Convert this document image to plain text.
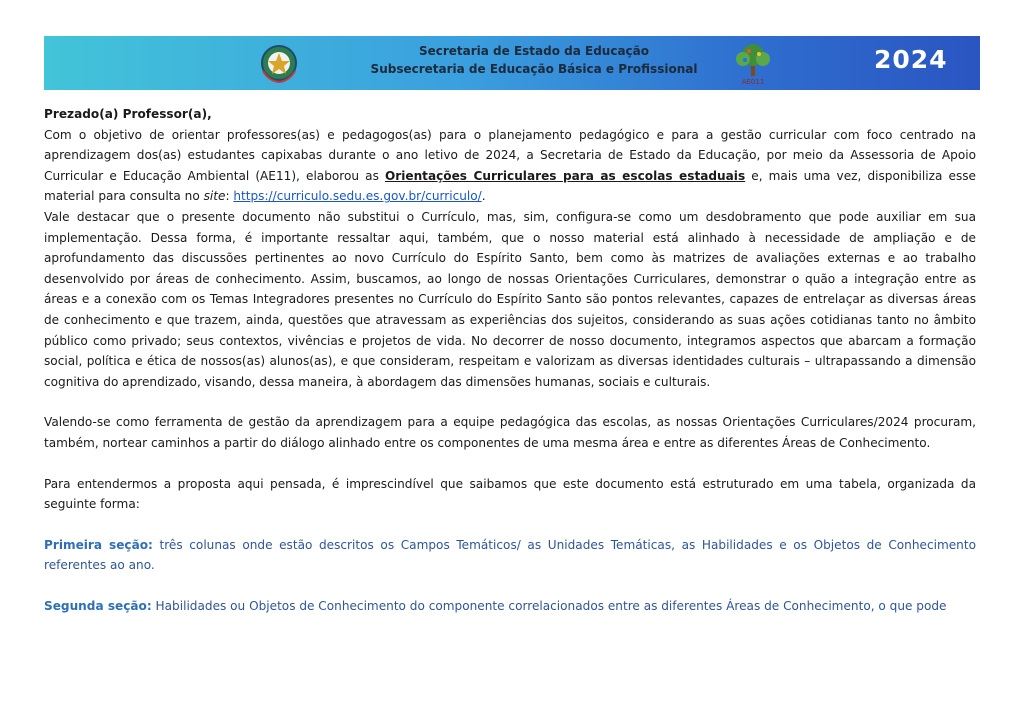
Secretaria de Estado da Educação
Subsecretaria de Educação Básica e Profissional
AE011
2024

Prezado(a) Professor(a),

Com o objetivo de orientar professores(as) e pedagogos(as) para o planejamento pedagógico e para a gestão curricular com foco centrado na aprendizagem dos(as) estudantes capixabas durante o ano letivo de 2024, a Secretaria de Estado da Educação, por meio da Assessoria de Apoio Curricular e Educação Ambiental (AE11), elaborou as Orientações Curriculares para as escolas estaduais e, mais uma vez, disponibiliza esse material para consulta no site: https://curriculo.sedu.es.gov.br/curriculo/.

Vale destacar que o presente documento não substitui o Currículo, mas, sim, configura-se como um desdobramento que pode auxiliar em sua implementação. Dessa forma, é importante ressaltar aqui, também, que o nosso material está alinhado à necessidade de ampliação e de aprofundamento das discussões pertinentes ao novo Currículo do Espírito Santo, bem como às matrizes de avaliações externas e ao trabalho desenvolvido por áreas de conhecimento. Assim, buscamos, ao longo de nossas Orientações Curriculares, demonstrar o quão a integração entre as áreas e a conexão com os Temas Integradores presentes no Currículo do Espírito Santo são pontos relevantes, capazes de entrelaçar as diversas áreas de conhecimento e que trazem, ainda, questões que atravessam as experiências dos sujeitos, considerando as suas ações cotidianas tanto no âmbito público como privado; seus contextos, vivências e projetos de vida. No decorrer de nosso documento, integramos aspectos que abarcam a formação social, política e ética de nossos(as) alunos(as), e que consideram, respeitam e valorizam as diversas identidades culturais – ultrapassando a dimensão cognitiva do aprendizado, visando, dessa maneira, à abordagem das dimensões humanas, sociais e culturais.

Valendo-se como ferramenta de gestão da aprendizagem para a equipe pedagógica das escolas, as nossas Orientações Curriculares/2024 procuram, também, nortear caminhos a partir do diálogo alinhado entre os componentes de uma mesma área e entre as diferentes Áreas de Conhecimento.

Para entendermos a proposta aqui pensada, é imprescindível que saibamos que este documento está estruturado em uma tabela, organizada da seguinte forma:

Primeira seção: três colunas onde estão descritos os Campos Temáticos/ as Unidades Temáticas, as Habilidades e os Objetos de Conhecimento referentes ao ano.

Segunda seção: Habilidades ou Objetos de Conhecimento do componente correlacionados entre as diferentes Áreas de Conhecimento, o que pode
